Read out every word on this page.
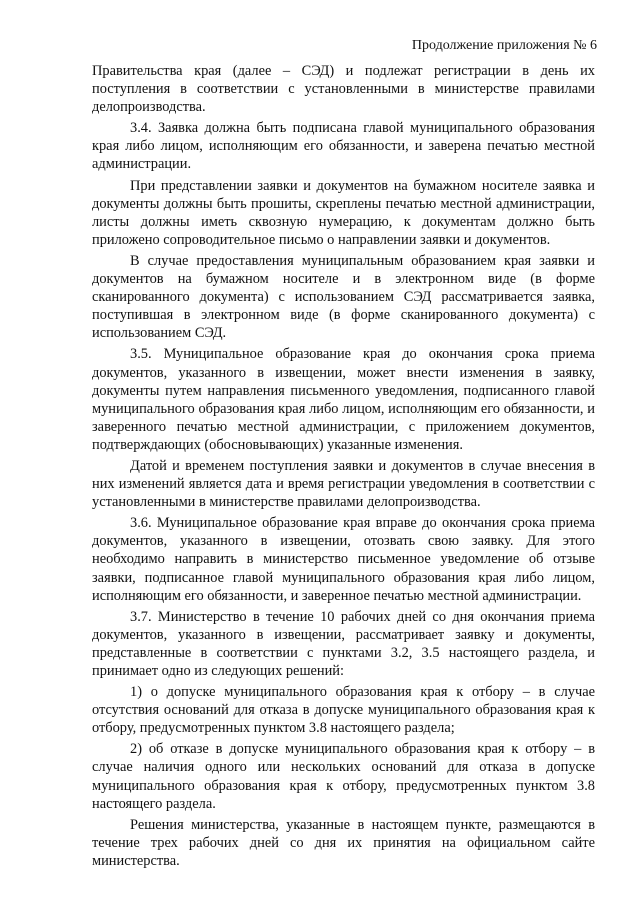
Продолжение приложения № 6

Правительства края (далее – СЭД) и подлежат регистрации в день их поступления в соответствии с установленными в министерстве правилами делопроизводства.

3.4. Заявка должна быть подписана главой муниципального образования края либо лицом, исполняющим его обязанности, и заверена печатью местной администрации.

При представлении заявки и документов на бумажном носителе заявка и документы должны быть прошиты, скреплены печатью местной администрации, листы должны иметь сквозную нумерацию, к документам должно быть приложено сопроводительное письмо о направлении заявки и документов.

В случае предоставления муниципальным образованием края заявки и документов на бумажном носителе и в электронном виде (в форме сканированного документа) с использованием СЭД рассматривается заявка, поступившая в электронном виде (в форме сканированного документа) с использованием СЭД.

3.5. Муниципальное образование края до окончания срока приема документов, указанного в извещении, может внести изменения в заявку, документы путем направления письменного уведомления, подписанного главой муниципального образования края либо лицом, исполняющим его обязанности, и заверенного печатью местной администрации, с приложением документов, подтверждающих (обосновывающих) указанные изменения.

Датой и временем поступления заявки и документов в случае внесения в них изменений является дата и время регистрации уведомления в соответствии с установленными в министерстве правилами делопроизводства.

3.6. Муниципальное образование края вправе до окончания срока приема документов, указанного в извещении, отозвать свою заявку. Для этого необходимо направить в министерство письменное уведомление об отзыве заявки, подписанное главой муниципального образования края либо лицом, исполняющим его обязанности, и заверенное печатью местной администрации.

3.7. Министерство в течение 10 рабочих дней со дня окончания приема документов, указанного в извещении, рассматривает заявку и документы, представленные в соответствии с пунктами 3.2, 3.5 настоящего раздела, и принимает одно из следующих решений:

1) о допуске муниципального образования края к отбору – в случае отсутствия оснований для отказа в допуске муниципального образования края к отбору, предусмотренных пунктом 3.8 настоящего раздела;

2) об отказе в допуске муниципального образования края к отбору – в случае наличия одного или нескольких оснований для отказа в допуске муниципального образования края к отбору, предусмотренных пунктом 3.8 настоящего раздела.

Решения министерства, указанные в настоящем пункте, размещаются в течение трех рабочих дней со дня их принятия на официальном сайте министерства.
